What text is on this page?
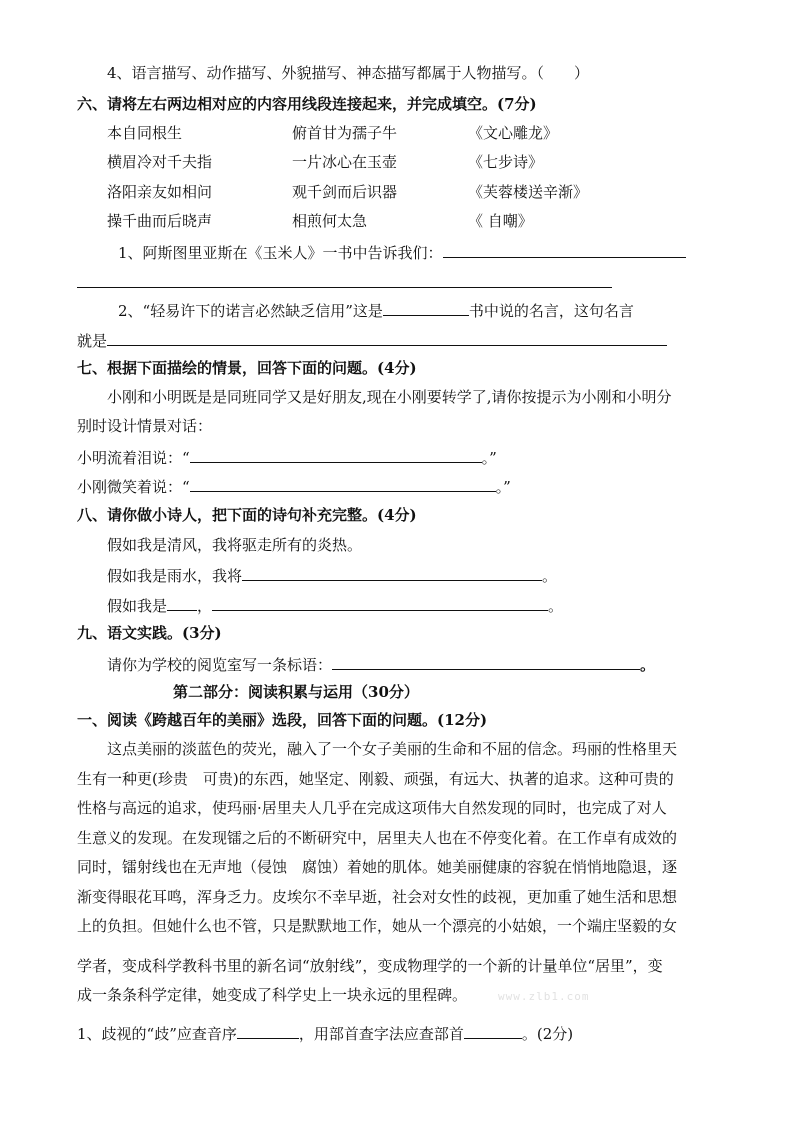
4、语言描写、动作描写、外貌描写、神态描写都属于人物描写。（　　）
六、请将左右两边相对应的内容用线段连接起来，并完成填空。(7分)
本自同根生	俯首甘为孺子牛	《文心雕龙》
横眉冷对千夫指	一片冰心在玉壶	《七步诗》
洛阳亲友如相问	观千剑而后识器	《芙蓉楼送辛渐》
操千曲而后晓声	相煎何太急	《 自嘲》
1、阿斯图里亚斯在《玉米人》一书中告诉我们：
2、“轻易许下的诺言必然缺乏信用”这是	书中说的名言，这句名言
就是
七、根据下面描绘的情景，回答下面的问题。(4分)
小刚和小明既是是同班同学又是好朋友,现在小刚要转学了,请你按提示为小刚和小明分
别时设计情景对话：
小明流着泪说：“	。”
小刚微笑着说：“	。”
八、请你做小诗人，把下面的诗句补充完整。(4分)
假如我是清风，我将驱走所有的炎热。
假如我是雨水，我将	。
假如我是 ，	。
九、语文实践。(3分)
请你为学校的阅览室写一条标语：	。
第二部分：阅读积累与运用（30分）
一、阅读《跨越百年的美丽》选段，回答下面的问题。(12分)
这点美丽的淡蓝色的荧光，融入了一个女子美丽的生命和不屈的信念。玛丽的性格里天
生有一种更(珍贵　可贵)的东西，她坚定、刚毅、顽强，有远大、执著的追求。这种可贵的
性格与高远的追求，使玛丽·居里夫人几乎在完成这项伟大自然发现的同时，也完成了对人
生意义的发现。在发现镭之后的不断研究中，居里夫人也在不停变化着。在工作卓有成效的
同时，镭射线也在无声地（侵蚀　腐蚀）着她的肌体。她美丽健康的容貌在悄悄地隐退，逐
渐变得眼花耳鸣，浑身乏力。皮埃尔不幸早逝，社会对女性的歧视，更加重了她生活和思想
上的负担。但她什么也不管，只是默默地工作，她从一个漂亮的小姑娘，一个端庄坚毅的女
学者，变成科学教科书里的新名词“放射线”，变成物理学的一个新的计量单位“居里”，变
成一条条科学定律，她变成了科学史上一块永远的里程碑。	www.zlb1.com
1、歧视的“歧”应查音序	，用部首查字法应查部首	。(2分)
